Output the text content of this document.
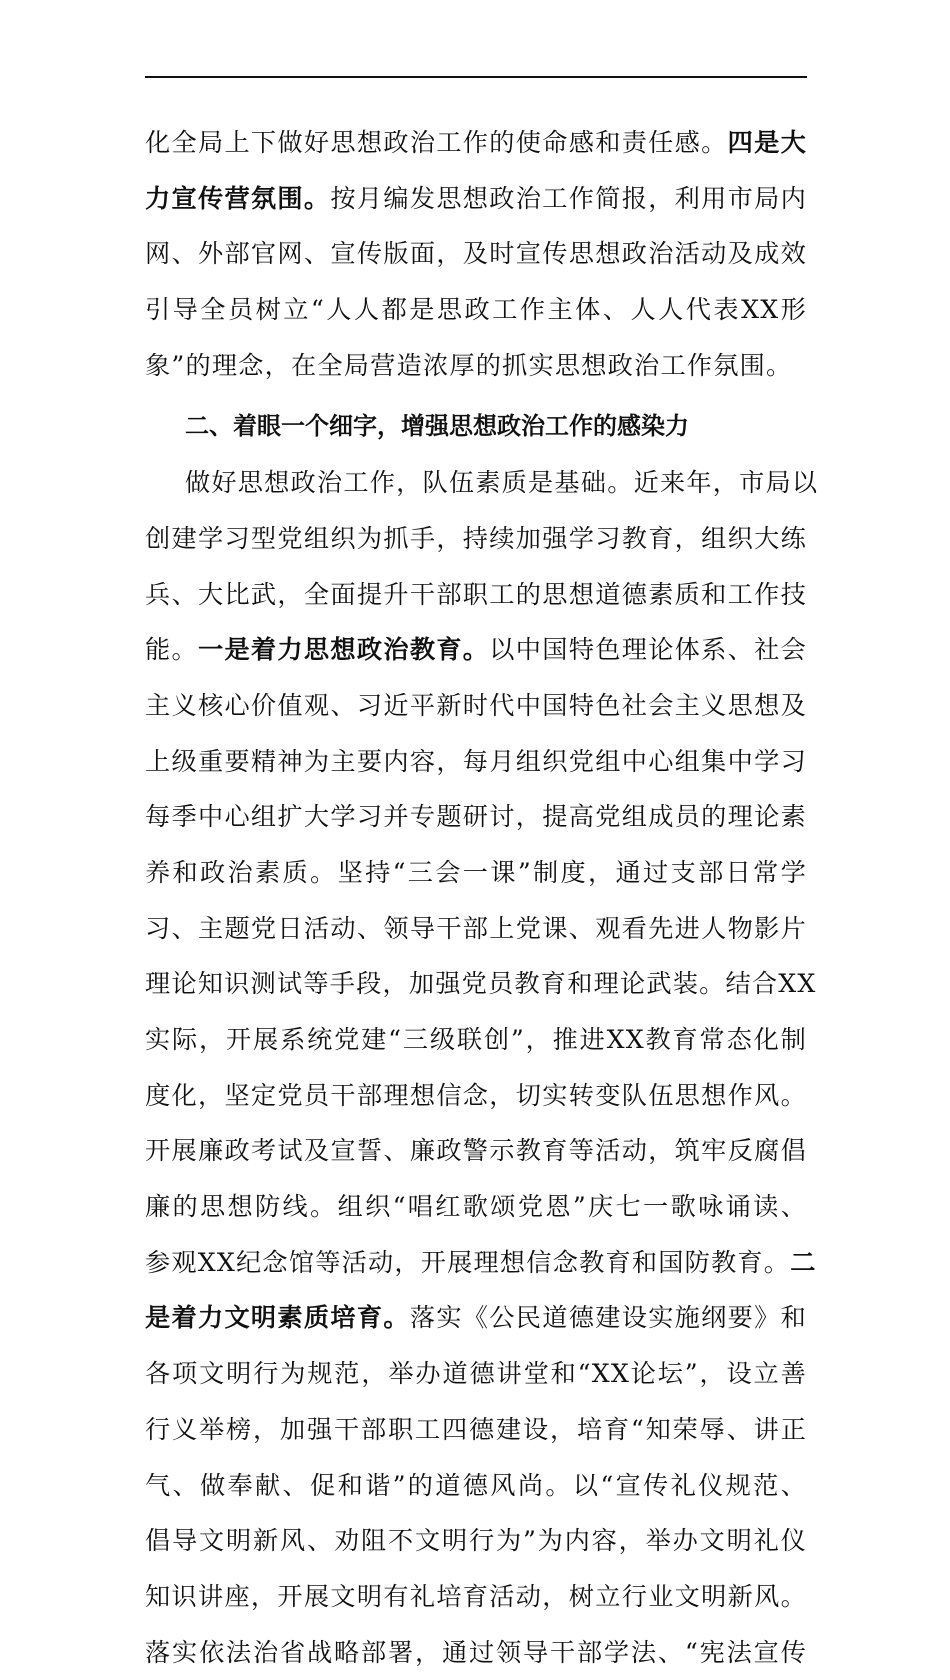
化全局上下做好思想政治工作的使命感和责任感。四是大
力宣传营氛围。按月编发思想政治工作简报，利用市局内
网、外部官网、宣传版面，及时宣传思想政治活动及成效
引导全员树立“人人都是思政工作主体、人人代表XX形
象”的理念，在全局营造浓厚的抓实思想政治工作氛围。
二、着眼一个细字，增强思想政治工作的感染力
做好思想政治工作，队伍素质是基础。近来年，市局以
创建学习型党组织为抓手，持续加强学习教育，组织大练
兵、大比武，全面提升干部职工的思想道德素质和工作技
能。一是着力思想政治教育。以中国特色理论体系、社会
主义核心价值观、习近平新时代中国特色社会主义思想及
上级重要精神为主要内容，每月组织党组中心组集中学习
每季中心组扩大学习并专题研讨，提高党组成员的理论素
养和政治素质。坚持“三会一课”制度，通过支部日常学
习、主题党日活动、领导干部上党课、观看先进人物影片
理论知识测试等手段，加强党员教育和理论武装。结合XX
实际，开展系统党建“三级联创”，推进XX教育常态化制
度化，坚定党员干部理想信念，切实转变队伍思想作风。
开展廉政考试及宣誓、廉政警示教育等活动，筑牢反腐倡
廉的思想防线。组织“唱红歌颂党恩”庆七一歌咏诵读、
参观XX纪念馆等活动，开展理想信念教育和国防教育。二
是着力文明素质培育。落实《公民道德建设实施纲要》和
各项文明行为规范，举办道德讲堂和“XX论坛”，设立善
行义举榜，加强干部职工四德建设，培育“知荣辱、讲正
气、做奉献、促和谐”的道德风尚。以“宣传礼仪规范、
倡导文明新风、劝阻不文明行为”为内容，举办文明礼仪
知识讲座，开展文明有礼培育活动，树立行业文明新风。
落实依法治省战略部署，通过领导干部学法、“宪法宣传
